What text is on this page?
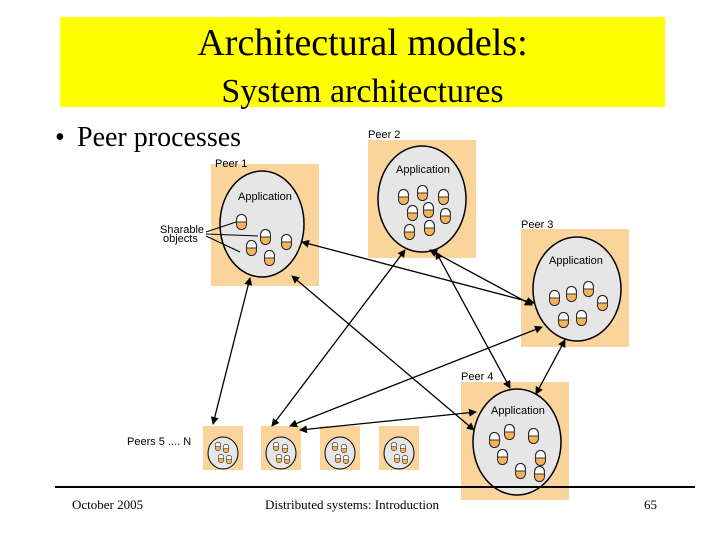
Architectural models:
System architectures
• Peer processes
Peer 1
Peer 2
Peer 3
Peer 4
Peers 5 .... N
Sharable
objects
Application
Application
Application
Application
October 2005	Distributed systems: Introduction	65
